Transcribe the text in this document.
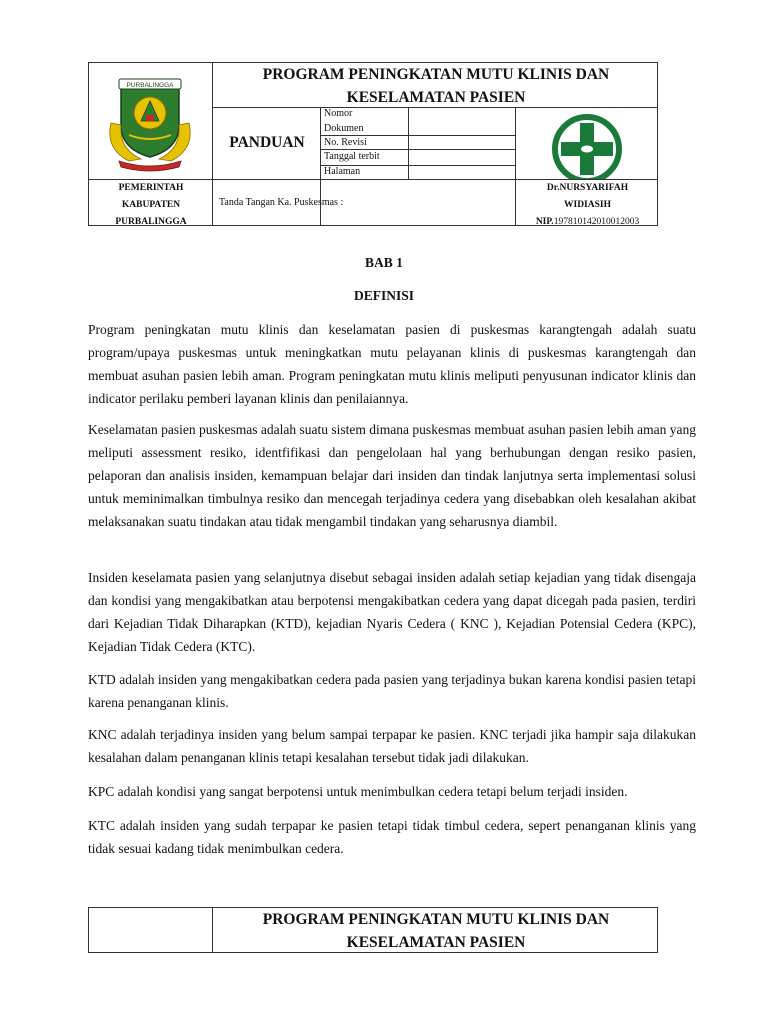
PURBALINGGA
PROGRAM PENINGKATAN MUTU KLINIS DAN
KESELAMATAN PASIEN
PANDUAN
Nomor
Dokumen
No. Revisi
Tanggal terbit
Halaman
PEMERINTAH
KABUPATEN
PURBALINGGA
Tanda Tangan Ka. Puskesmas :
Dr.NURSYARIFAH
WIDIASIH
NIP.197810142010012003
BAB 1
DEFINISI

Program peningkatan mutu klinis dan keselamatan pasien di puskesmas karangtengah adalah suatu program/upaya puskesmas untuk meningkatkan mutu pelayanan klinis di puskesmas karangtengah dan membuat asuhan pasien lebih aman. Program peningkatan mutu klinis meliputi penyusunan indicator klinis dan indicator perilaku pemberi layanan klinis dan penilaiannya.

Keselamatan pasien puskesmas adalah suatu sistem dimana puskesmas membuat asuhan pasien lebih aman yang meliputi assessment resiko, identfifikasi dan pengelolaan hal yang berhubungan dengan resiko pasien, pelaporan dan analisis insiden, kemampuan belajar dari insiden dan tindak lanjutnya serta implementasi solusi untuk meminimalkan timbulnya resiko dan mencegah terjadinya cedera yang disebabkan oleh kesalahan akibat melaksanakan suatu tindakan atau tidak mengambil tindakan yang seharusnya diambil.

Insiden keselamata pasien yang selanjutnya disebut sebagai insiden adalah setiap kejadian yang tidak disengaja dan kondisi yang mengakibatkan atau berpotensi mengakibatkan cedera yang dapat dicegah pada pasien, terdiri dari Kejadian Tidak Diharapkan (KTD), kejadian Nyaris Cedera ( KNC ), Kejadian Potensial Cedera (KPC), Kejadian Tidak Cedera (KTC).

KTD adalah insiden yang mengakibatkan cedera pada pasien yang terjadinya bukan karena kondisi pasien tetapi karena penanganan klinis.

KNC adalah terjadinya insiden yang belum sampai terpapar ke pasien. KNC terjadi jika hampir saja dilakukan kesalahan dalam penanganan klinis tetapi kesalahan tersebut tidak jadi dilakukan.

KPC adalah kondisi yang sangat berpotensi untuk menimbulkan cedera tetapi belum terjadi insiden.

KTC adalah insiden yang sudah terpapar ke pasien tetapi tidak timbul cedera, sepert penanganan klinis yang tidak sesuai kadang tidak menimbulkan cedera.

PROGRAM PENINGKATAN MUTU KLINIS DAN
KESELAMATAN PASIEN
